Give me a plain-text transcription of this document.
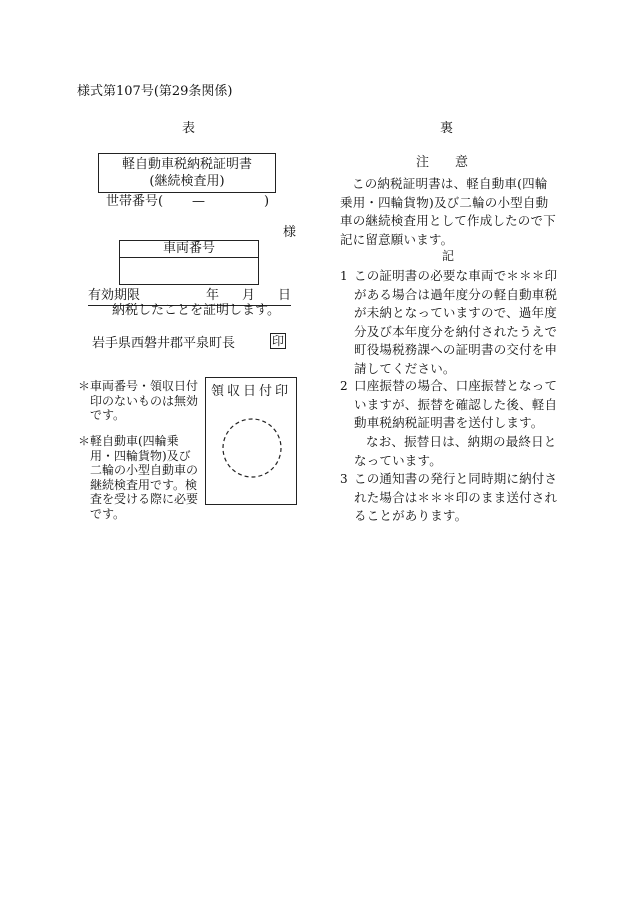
様式第107号(第29条関係)
表
軽自動車税納税証明書
(継続検査用)
世帯番号( —	)
様
車両番号
有効期限	年 月 日
納税したことを証明します。
岩手県西磐井郡平泉町長	印
＊ 車両番号・領収日付印のないものは無効です。
＊ 軽自動車(四輪乗用・四輪貨物)及び二輪の小型自動車の継続検査用です。検査を受ける際に必要です。
領収日付印
裏
注　　意
この納税証明書は、軽自動車(四輪乗用・四輪貨物)及び二輪の小型自動車の継続検査用として作成したので下記に留意願います。
記
1 この証明書の必要な車両で＊＊＊印がある場合は過年度分の軽自動車税が未納となっていますので、過年度分及び本年度分を納付されたうえで町役場税務課への証明書の交付を申請してください。
2 口座振替の場合、口座振替となっていますが、振替を確認した後、軽自動車税納税証明書を送付します。
なお、振替日は、納期の最終日となっています。
3 この通知書の発行と同時期に納付された場合は＊＊＊印のまま送付されることがあります。
